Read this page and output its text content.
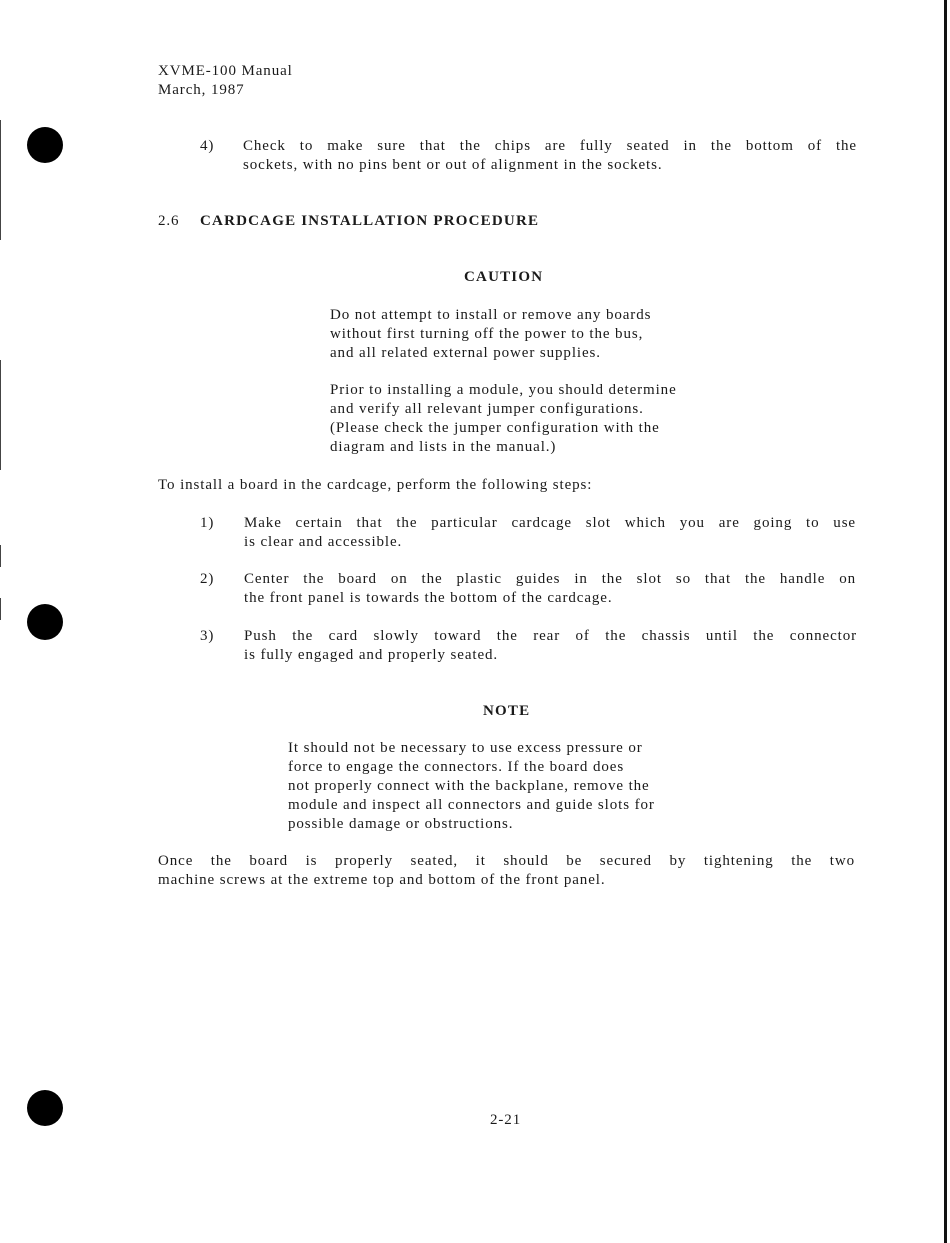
XVME-100 Manual
March, 1987
4) Check to make sure that the chips are fully seated in the bottom of the
sockets, with no pins bent or out of alignment in the sockets.
2.6 CARDCAGE INSTALLATION PROCEDURE
CAUTION
Do not attempt to install or remove any boards
without first turning off the power to the bus,
and all related external power supplies.
Prior to installing a module, you should determine
and verify all relevant jumper configurations.
(Please check the jumper configuration with the
diagram and lists in the manual.)
To install a board in the cardcage, perform the following steps:
1) Make certain that the particular cardcage slot which you are going to use
is clear and accessible.
2) Center the board on the plastic guides in the slot so that the handle on
the front panel is towards the bottom of the cardcage.
3) Push the card slowly toward the rear of the chassis until the connector
is fully engaged and properly seated.
NOTE
It should not be necessary to use excess pressure or
force to engage the connectors. If the board does
not properly connect with the backplane, remove the
module and inspect all connectors and guide slots for
possible damage or obstructions.
Once the board is properly seated, it should be secured by tightening the two
machine screws at the extreme top and bottom of the front panel.
2-21
